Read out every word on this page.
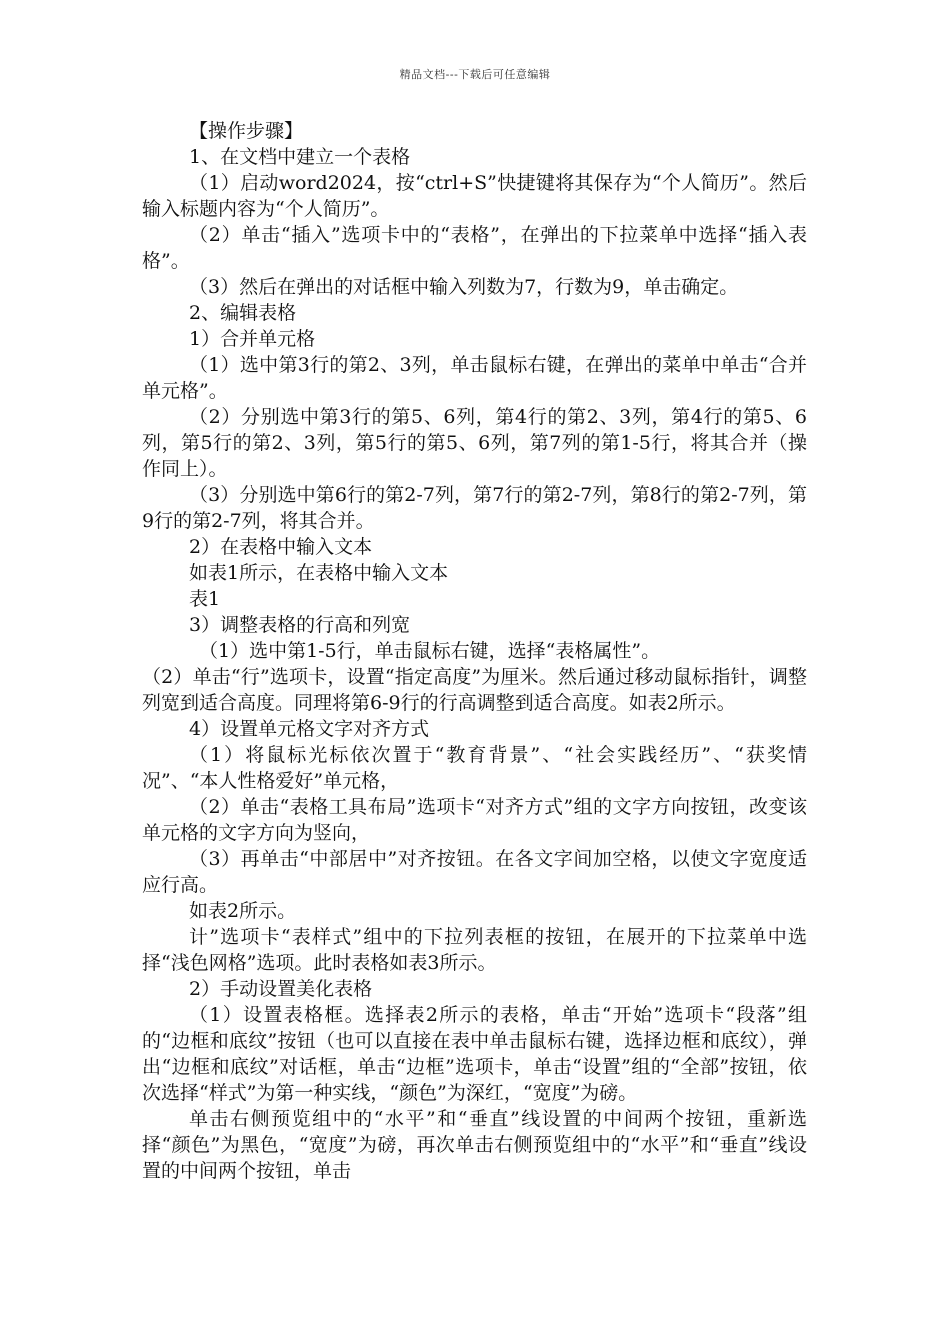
精品文档---下载后可任意编辑

【操作步骤】

1、在文档中建立一个表格

（1）启动word2024，按“ctrl+S”快捷键将其保存为“个人简历”。然后输入标题内容为“个人简历”。

（2）单击“插入”选项卡中的“表格”，在弹出的下拉菜单中选择“插入表格”。

（3）然后在弹出的对话框中输入列数为7，行数为9，单击确定。

2、编辑表格

1）合并单元格

（1）选中第3行的第2、3列，单击鼠标右键，在弹出的菜单中单击“合并单元格”。

（2）分别选中第3行的第5、6列，第4行的第2、3列，第4行的第5、6列，第5行的第2、3列，第5行的第5、6列，第7列的第1-5行，将其合并（操作同上）。

（3）分别选中第6行的第2-7列，第7行的第2-7列，第8行的第2-7列，第9行的第2-7列，将其合并。

2）在表格中输入文本

如表1所示，在表格中输入文本

表1

3）调整表格的行高和列宽

（1）选中第1-5行，单击鼠标右键，选择“表格属性”。

（2）单击“行”选项卡，设置“指定高度”为厘米。然后通过移动鼠标指针，调整列宽到适合高度。同理将第6-9行的行高调整到适合高度。如表2所示。

4）设置单元格文字对齐方式

（1）将鼠标光标依次置于“教育背景”、“社会实践经历”、“获奖情况”、“本人性格爱好”单元格，

（2）单击“表格工具布局”选项卡“对齐方式”组的文字方向按钮，改变该单元格的文字方向为竖向，

（3）再单击“中部居中”对齐按钮。在各文字间加空格，以使文字宽度适应行高。

如表2所示。

计”选项卡“表样式”组中的下拉列表框的按钮，在展开的下拉菜单中选择“浅色网格”选项。此时表格如表3所示。

2）手动设置美化表格

（1）设置表格框。选择表2所示的表格，单击“开始”选项卡“段落”组的“边框和底纹”按钮（也可以直接在表中单击鼠标右键，选择边框和底纹），弹出“边框和底纹”对话框，单击“边框”选项卡，单击“设置”组的“全部”按钮，依次选择“样式”为第一种实线，“颜色”为深红，“宽度”为磅。

单击右侧预览组中的“水平”和“垂直”线设置的中间两个按钮，重新选择“颜色”为黑色，“宽度”为磅，再次单击右侧预览组中的“水平”和“垂直”线设置的中间两个按钮，单击
